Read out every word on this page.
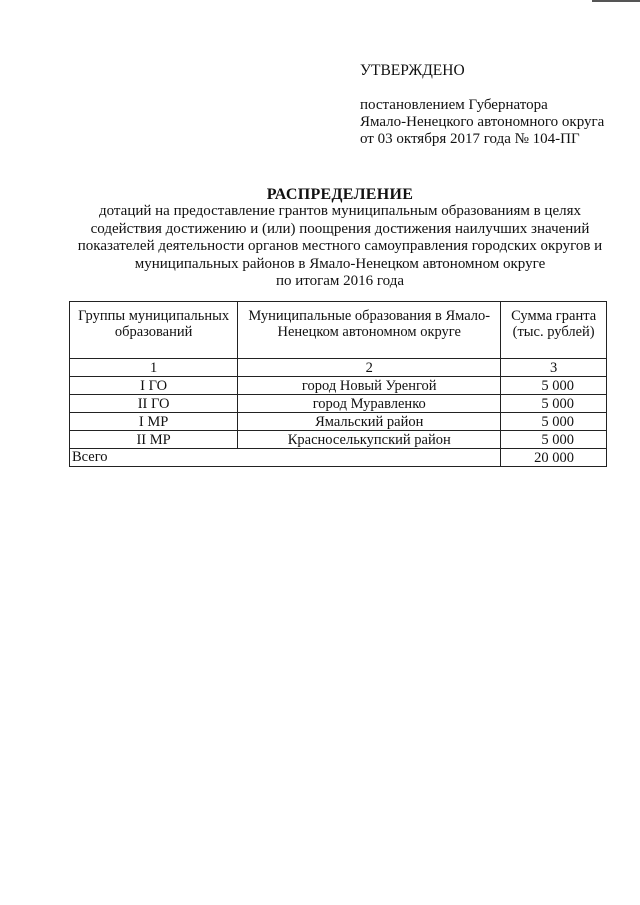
УТВЕРЖДЕНО
постановлением Губернатора
Ямало-Ненецкого автономного округа
от 03 октября 2017 года № 104-ПГ
РАСПРЕДЕЛЕНИЕ
дотаций на предоставление грантов муниципальным образованиям в целях
содействия достижению и (или) поощрения достижения наилучших значений
показателей деятельности органов местного самоуправления городских округов и
муниципальных районов в Ямало-Ненецком автономном округе
по итогам 2016 года
Группы муниципальных образований	Муниципальные образования в Ямало-Ненецком автономном округе	Сумма гранта (тыс. рублей)
1	2	3
I ГО	город Новый Уренгой	5 000
II ГО	город Муравленко	5 000
I МР	Ямальский район	5 000
II МР	Красноселькупский район	5 000
Всего		20 000
